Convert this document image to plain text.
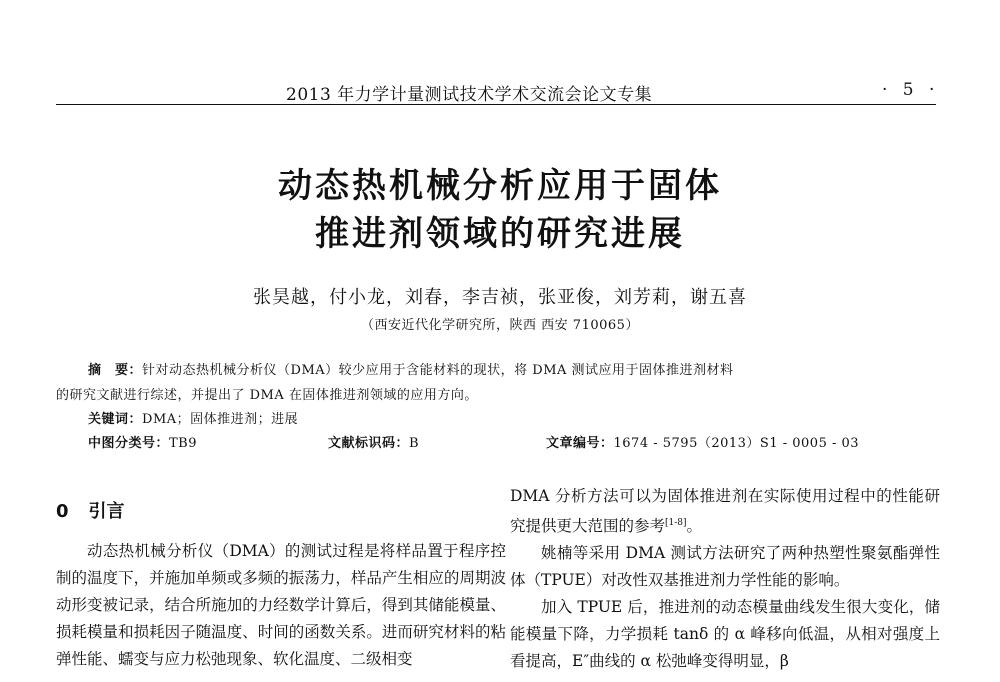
2013 年力学计量测试技术学术交流会论文专集	· 5 ·
动态热机械分析应用于固体
推进剂领域的研究进展
张昊越，付小龙，刘春，李吉祯，张亚俊，刘芳莉，谢五喜
（西安近代化学研究所，陕西 西安 710065）
摘　要：针对动态热机械分析仪（DMA）较少应用于含能材料的现状，将 DMA 测试应用于固体推进剂材料
的研究文献进行综述，并提出了 DMA 在固体推进剂领域的应用方向。
关键词：DMA；固体推进剂；进展
中图分类号：TB9	文献标识码：B	文章编号：1674 - 5795（2013）S1 - 0005 - 03
0 引言

动态热机械分析仪（DMA）的测试过程是将样品置于程序控制的温度下，并施加单频或多频的振荡力，样品产生相应的周期波动形变被记录，结合所施加的力经数学计算后，得到其储能模量、损耗模量和损耗因子随温度、时间的函数关系。进而研究材料的粘弹性能、蠕变与应力松弛现象、软化温度、二级相变

DMA 分析方法可以为固体推进剂在实际使用过程中的性能研究提供更大范围的参考[1-8]。

姚楠等采用 DMA 测试方法研究了两种热塑性聚氨酯弹性体（TPUE）对改性双基推进剂力学性能的影响。

加入 TPUE 后，推进剂的动态模量曲线发生很大变化，储能模量下降，力学损耗 tanδ 的 α 峰移向低温，从相对强度上看提高，E″曲线的 α 松弛峰变得明显，β
